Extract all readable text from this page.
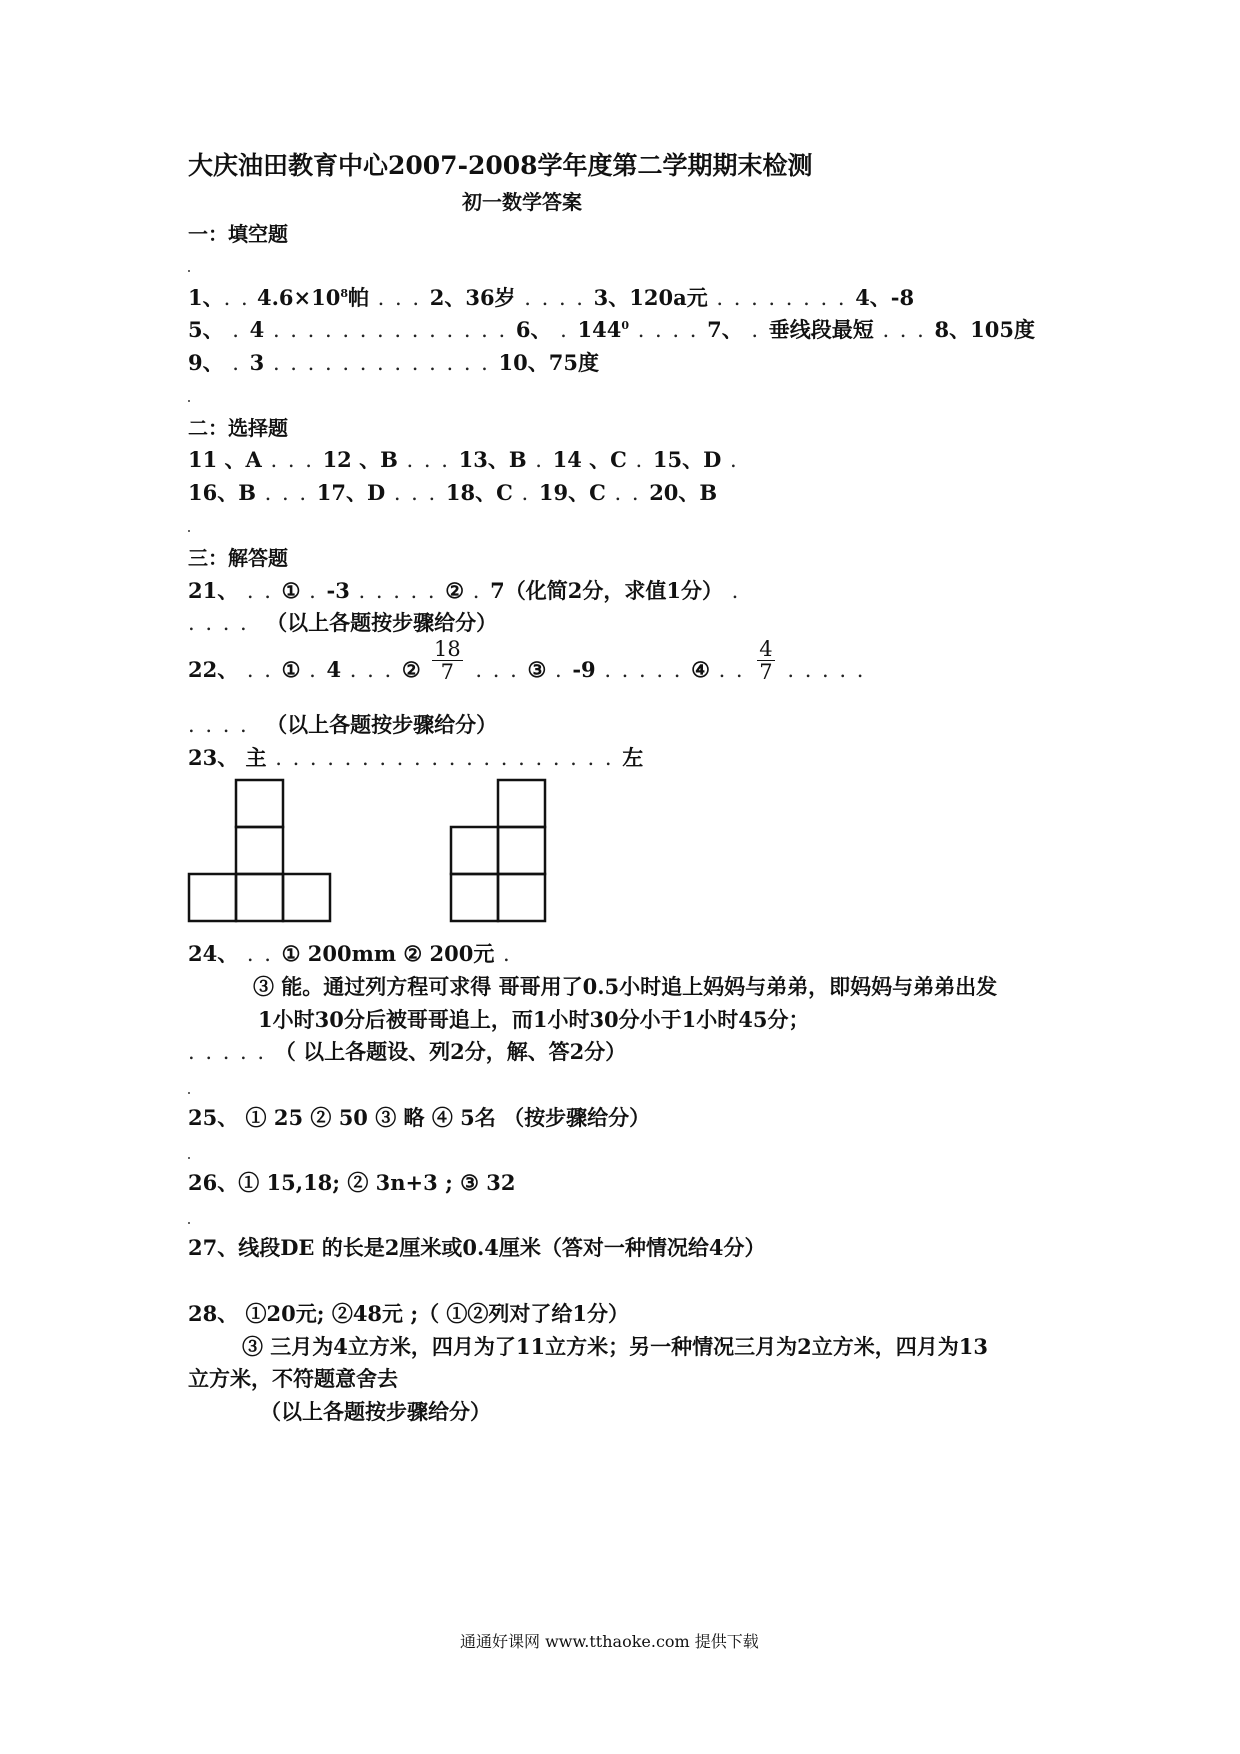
大庆油田教育中心2007-2008学年度第二学期期末检测
初一数学答案
一：填空题
1、. . $4.6\times 10^8$帕 . . . 2、36岁 . . . . 3、120a元 . . . . . . . . 4、-8
5、 . 4 . . . . . . . . . . . . . . 6、 . $144^0$ . . . . 7、 . 垂线段最短 . . . 8、105度
9、 . 3 . . . . . . . . . . . . . 10、75度
二：选择题
11 、A . . . 12 、B . . . 13、B . 14 、C . 15、D .
16、B . . . 17、D . . . 18、C . 19、C . . 20、B
三：解答题
21、 . . ① . -3 . . . . . ② . 7（化简2分，求值1分） .
. . . .  （以上各题按步骤给分）
22、 . . ① . 4 . . . ② $\frac{18}{7}$ . . . ③ . -9 . . . . . ④ . . $\frac{4}{7}$ . . . . .
. . . .  （以上各题按步骤给分）
23、 主 . . . . . . . . . . . . . . . . . . . . 左
24、 . . ① 200mm ② 200元 .
③ 能。通过列方程可求得 哥哥用了0.5小时追上妈妈与弟弟，即妈妈与弟弟出发
1小时30分后被哥哥追上，而1小时30分小于1小时45分；
. . . . . （ 以上各题设、列2分，解、答2分）
25、 ① 25 ② 50 ③ 略 ④ 5名 （按步骤给分）
26、① 15,18; ② 3n+3 ; ③ 32
27、线段DE 的长是2厘米或0.4厘米（答对一种情况给4分）
28、 ①20元; ②48元 ;（ ①②列对了给1分）
③ 三月为4立方米，四月为了11立方米；另一种情况三月为2立方米，四月为13
立方米，不符题意舍去
（以上各题按步骤给分）
通通好课网 www.tthaoke.com 提供下载
